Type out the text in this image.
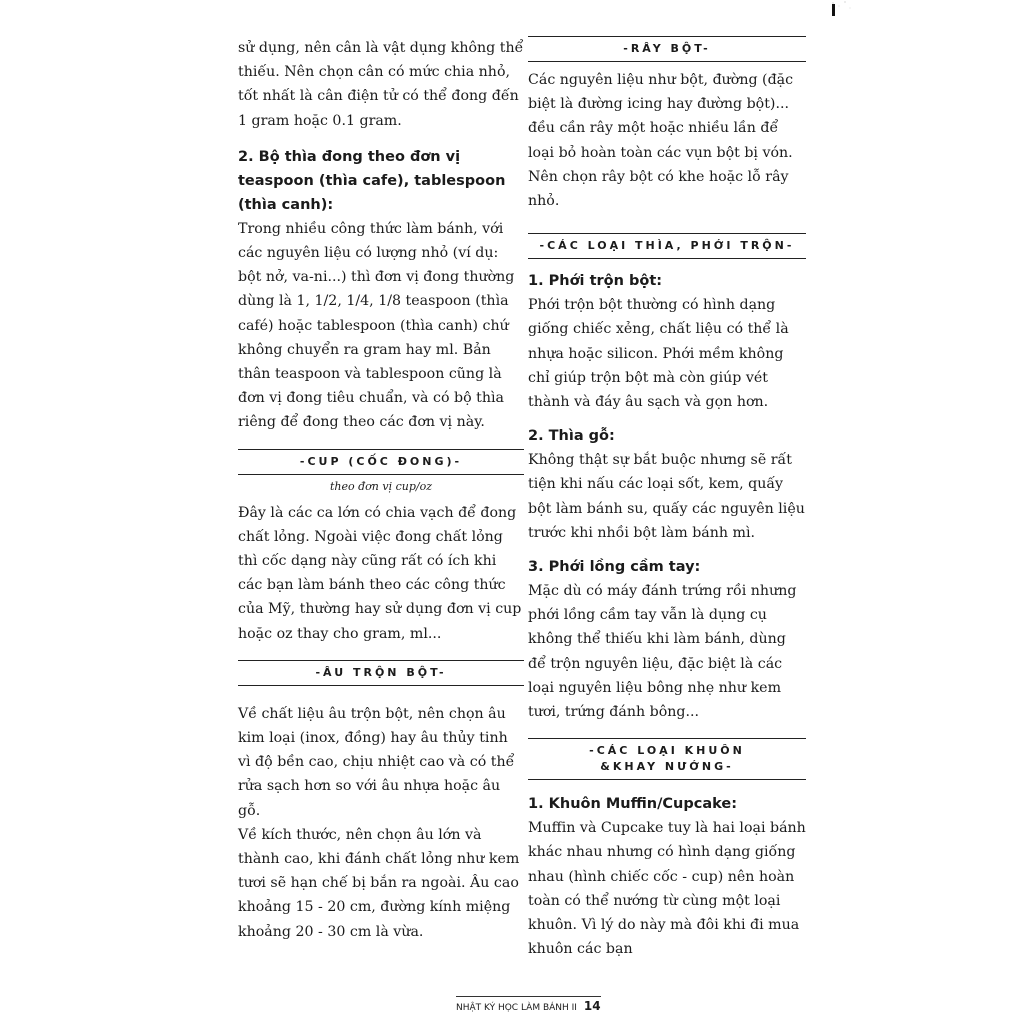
sử dụng, nên cân là vật dụng không thể thiếu. Nên chọn cân có mức chia nhỏ, tốt nhất là cân điện tử có thể đong đến 1 gram hoặc 0.1 gram.

2. Bộ thìa đong theo đơn vị teaspoon (thìa cafe), tablespoon (thìa canh):

Trong nhiều công thức làm bánh, với các nguyên liệu có lượng nhỏ (ví dụ: bột nở, va-ni...) thì đơn vị đong thường dùng là 1, 1/2, 1/4, 1/8 teaspoon (thìa café) hoặc tablespoon (thìa canh) chứ không chuyển ra gram hay ml. Bản thân teaspoon và tablespoon cũng là đơn vị đong tiêu chuẩn, và có bộ thìa riêng để đong theo các đơn vị này.

-CUP (CỐC ĐONG)-

theo đơn vị cup/oz

Đây là các ca lớn có chia vạch để đong chất lỏng. Ngoài việc đong chất lỏng thì cốc dạng này cũng rất có ích khi các bạn làm bánh theo các công thức của Mỹ, thường hay sử dụng đơn vị cup hoặc oz thay cho gram, ml...

-ÂU TRỘN BỘT-

Về chất liệu âu trộn bột, nên chọn âu kim loại (inox, đồng) hay âu thủy tinh vì độ bền cao, chịu nhiệt cao và có thể rửa sạch hơn so với âu nhựa hoặc âu gỗ.

Về kích thước, nên chọn âu lớn và thành cao, khi đánh chất lỏng như kem tươi sẽ hạn chế bị bắn ra ngoài. Âu cao khoảng 15 - 20 cm, đường kính miệng khoảng 20 - 30 cm là vừa.

-RÂY BỘT-

Các nguyên liệu như bột, đường (đặc biệt là đường icing hay đường bột)... đều cần rây một hoặc nhiều lần để loại bỏ hoàn toàn các vụn bột bị vón. Nên chọn rây bột có khe hoặc lỗ rây nhỏ.

-CÁC LOẠI THÌA, PHỚI TRỘN-

1. Phới trộn bột:

Phới trộn bột thường có hình dạng giống chiếc xẻng, chất liệu có thể là nhựa hoặc silicon. Phới mềm không chỉ giúp trộn bột mà còn giúp vét thành và đáy âu sạch và gọn hơn.

2. Thìa gỗ:

Không thật sự bắt buộc nhưng sẽ rất tiện khi nấu các loại sốt, kem, quấy bột làm bánh su, quấy các nguyên liệu trước khi nhồi bột làm bánh mì.

3. Phới lồng cầm tay:

Mặc dù có máy đánh trứng rồi nhưng phới lồng cầm tay vẫn là dụng cụ không thể thiếu khi làm bánh, dùng để trộn nguyên liệu, đặc biệt là các loại nguyên liệu bông nhẹ như kem tươi, trứng đánh bông...

-CÁC LOẠI KHUÔN
&KHAY NƯỚNG-

1. Khuôn Muffin/Cupcake:

Muffin và Cupcake tuy là hai loại bánh khác nhau nhưng có hình dạng giống nhau (hình chiếc cốc - cup) nên hoàn toàn có thể nướng từ cùng một loại khuôn. Vì lý do này mà đôi khi đi mua khuôn các bạn

NHẬT KÝ HỌC LÀM BÁNH II 14
